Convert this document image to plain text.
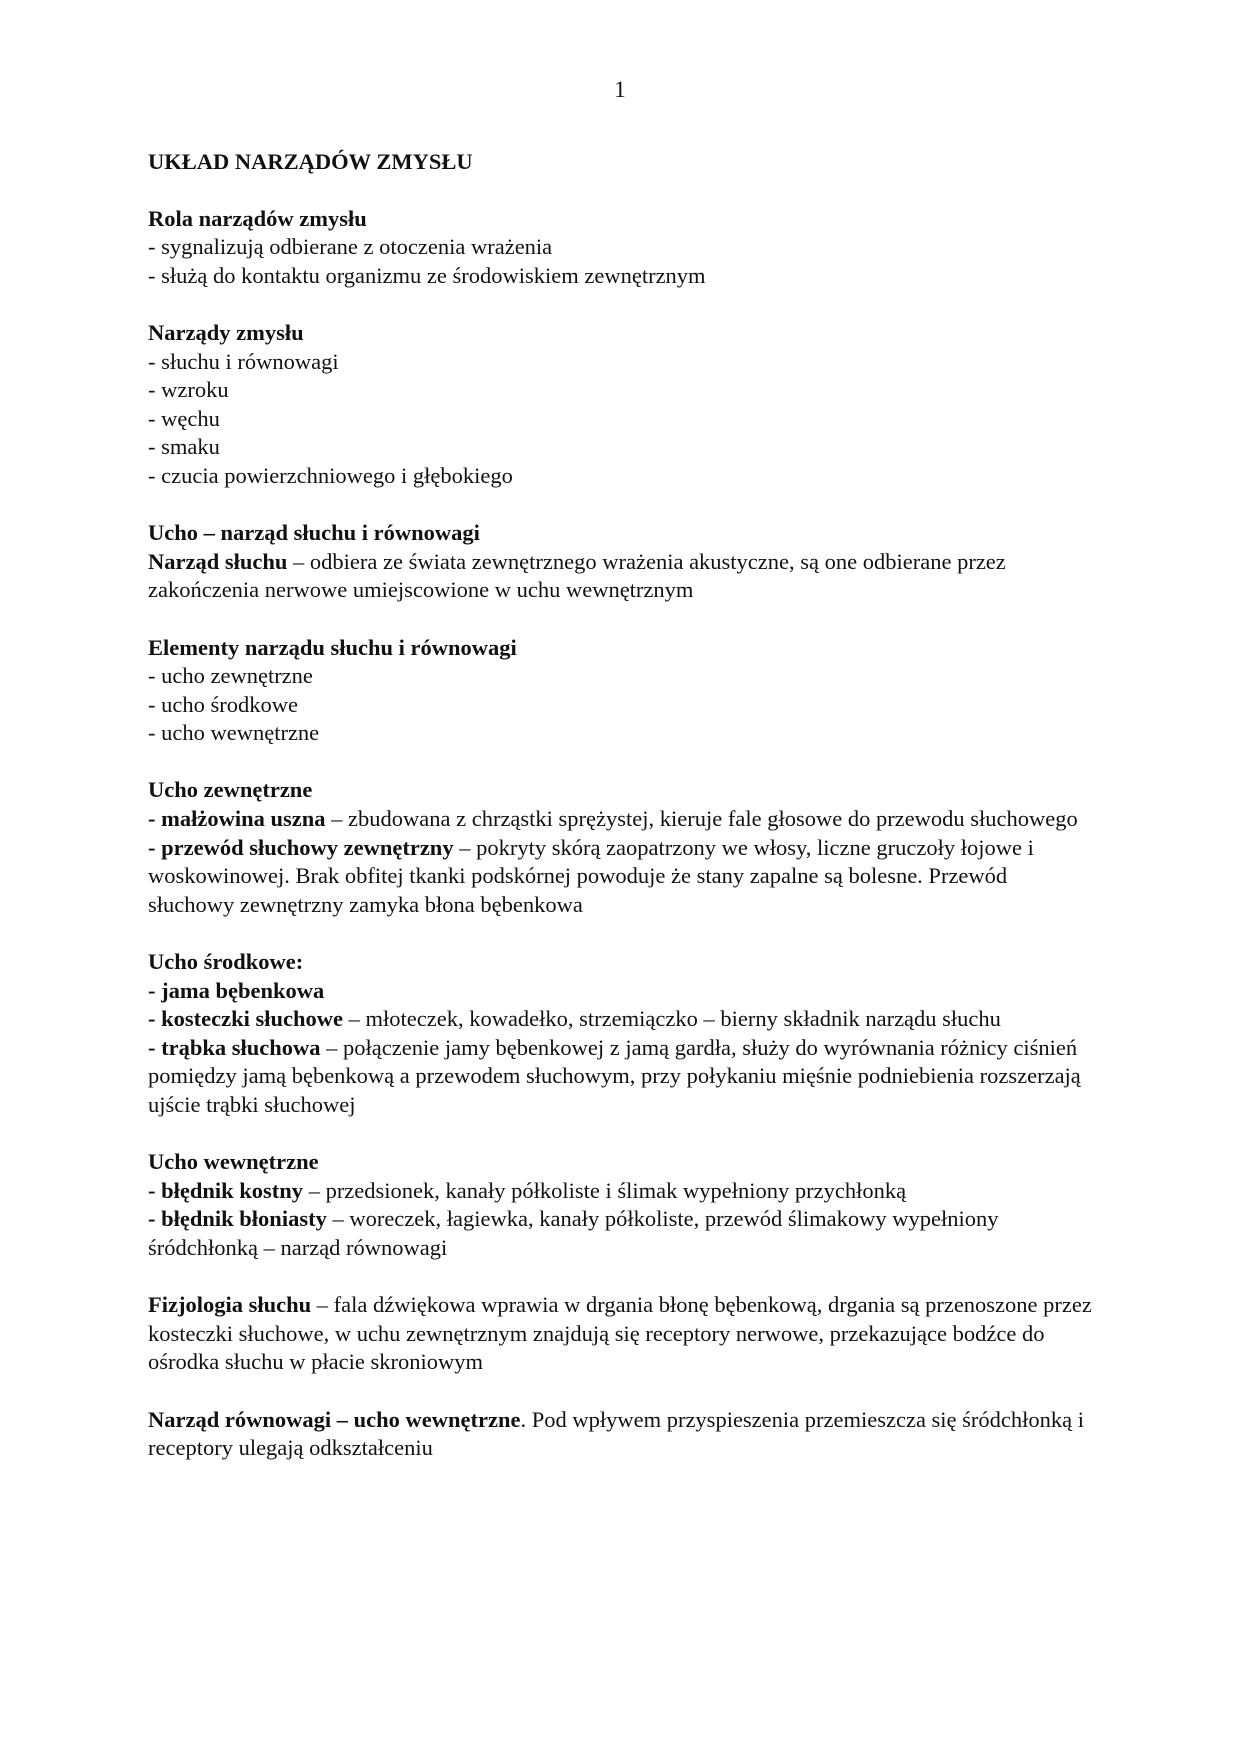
1
UKŁAD NARZĄDÓW ZMYSŁU
Rola narządów zmysłu
- sygnalizują odbierane z otoczenia wrażenia
- służą do kontaktu organizmu ze środowiskiem zewnętrznym
Narządy zmysłu
- słuchu i równowagi
- wzroku
- węchu
- smaku
- czucia powierzchniowego i głębokiego
Ucho – narząd słuchu i równowagi
Narząd słuchu – odbiera ze świata zewnętrznego wrażenia akustyczne, są one odbierane przez zakończenia nerwowe umiejscowione w uchu wewnętrznym
Elementy narządu słuchu i równowagi
- ucho zewnętrzne
- ucho środkowe
- ucho wewnętrzne
Ucho zewnętrzne
- małżowina uszna – zbudowana z chrząstki sprężystej, kieruje fale głosowe do przewodu słuchowego
- przewód słuchowy zewnętrzny – pokryty skórą zaopatrzony we włosy, liczne gruczoły łojowe i woskowinowej. Brak obfitej tkanki podskórnej powoduje że stany zapalne są bolesne. Przewód słuchowy zewnętrzny zamyka błona bębenkowa
Ucho środkowe:
- jama bębenkowa
- kosteczki słuchowe – młoteczek, kowadełko, strzemiączko – bierny składnik narządu słuchu
- trąbka słuchowa – połączenie jamy bębenkowej z jamą gardła, służy do wyrównania różnicy ciśnień pomiędzy jamą bębenkową a przewodem słuchowym, przy połykaniu mięśnie podniebienia rozszerzają ujście trąbki słuchowej
Ucho wewnętrzne
- błędnik kostny – przedsionek, kanały półkoliste i ślimak wypełniony przychłonką
- błędnik błoniasty – woreczek, łagiewka, kanały półkoliste, przewód ślimakowy wypełniony śródchłonką – narząd równowagi
Fizjologia słuchu – fala dźwiękowa wprawia w drgania błonę bębenkową, drgania są przenoszone przez kosteczki słuchowe, w uchu zewnętrznym znajdują się receptory nerwowe, przekazujące bodźce do ośrodka słuchu w płacie skroniowym
Narząd równowagi – ucho wewnętrzne. Pod wpływem przyspieszenia przemieszcza się śródchłonką i receptory ulegają odkształceniu
